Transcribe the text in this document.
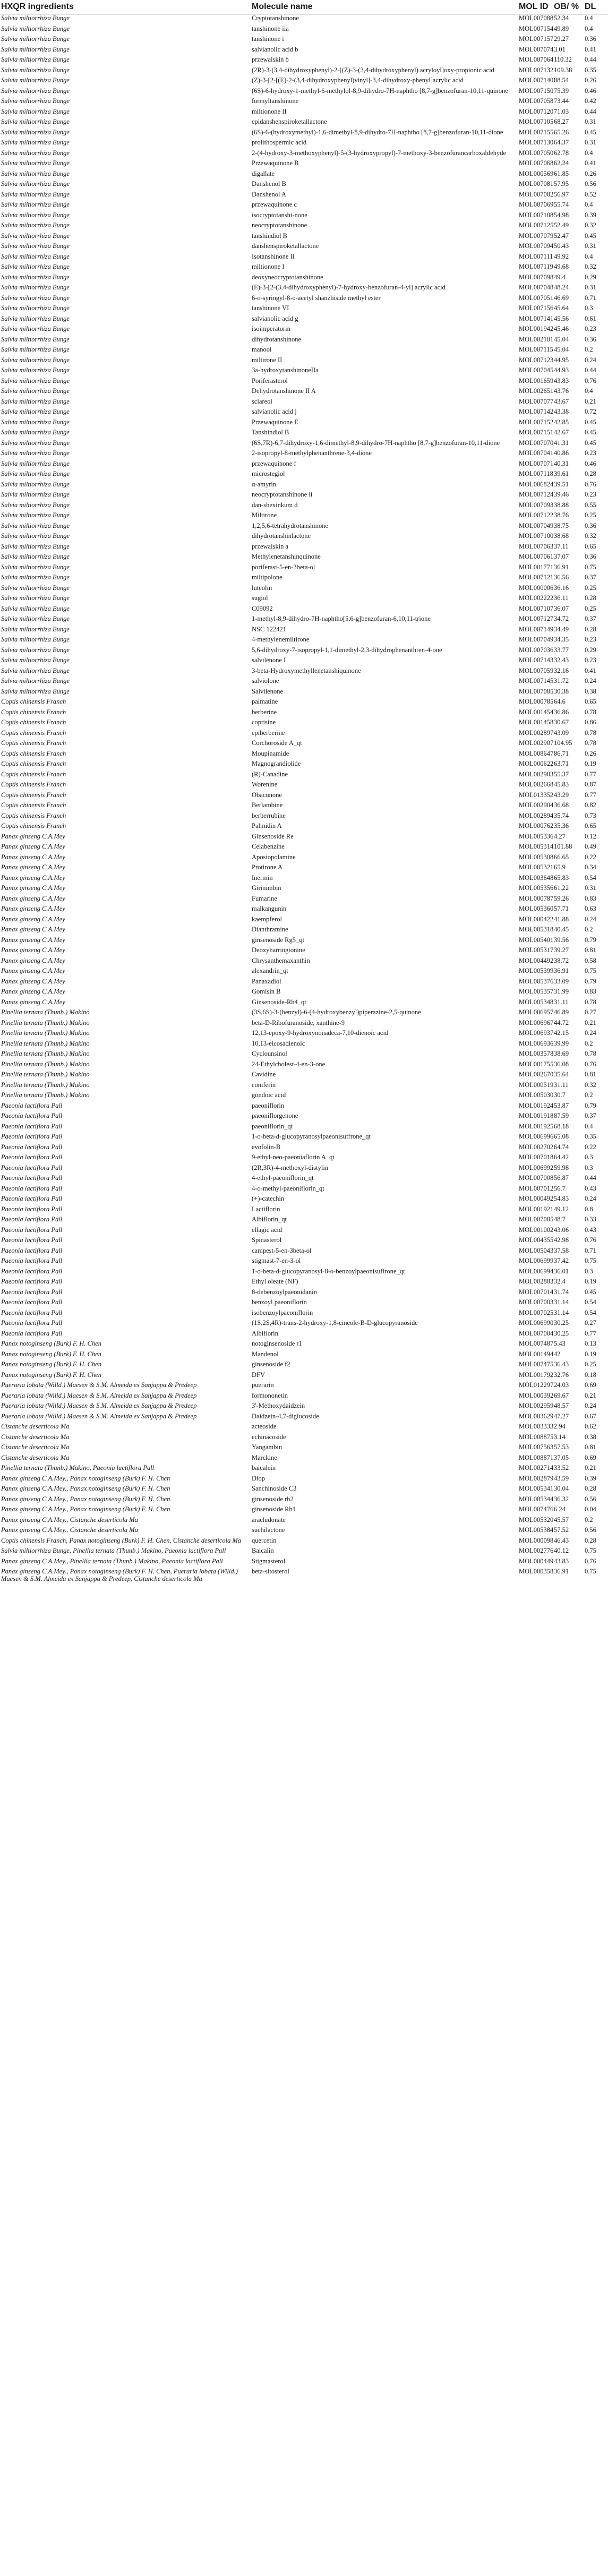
HXQR ingredients	Molecule name	MOL ID	OB/ %	DL
Salvia miltiorrhiza Bunge	Cryptotanshinone	MOL007088	52.34	0.4
Salvia miltiorrhiza Bunge	tanshinone iia	MOL007154	49.89	0.4
Salvia miltiorrhiza Bunge	tanshinone i	MOL007157	29.27	0.36
Salvia miltiorrhiza Bunge	salvianolic acid b	MOL007074	3.01	0.41
Salvia miltiorrhiza Bunge	przewalskin b	MOL007064	110.32	0.44
Salvia miltiorrhiza Bunge	(2R)-3-(3,4-dihydroxyphenyl)-2-[(Z)-3-(3,4-dihydroxyphenyl) acryloyl]oxy-propionic acid	MOL007132	109.38	0.35
Salvia miltiorrhiza Bunge	(Z)-3-[2-[(E)-2-(3,4-dihydroxyphenyl)vinyl]-3,4-dihydroxy-phenyl]acrylic acid	MOL007140	88.54	0.26
Salvia miltiorrhiza Bunge	(6S)-6-hydroxy-1-methyl-6-methylol-8,9-dihydro-7H-naphtho [8,7-g]benzofuran-10,11-quinone	MOL007150	75.39	0.46
Salvia miltiorrhiza Bunge	formyltanshinone	MOL007058	73.44	0.42
Salvia miltiorrhiza Bunge	miltionone II	MOL007120	71.03	0.44
Salvia miltiorrhiza Bunge	epidanshenspiroketallactone	MOL007105	68.27	0.31
Salvia miltiorrhiza Bunge	(6S)-6-(hydroxymethyl)-1,6-dimethyl-8,9-dihydro-7H-naphtho [8,7-g]benzofuran-10,11-dione	MOL007155	65.26	0.45
Salvia miltiorrhiza Bunge	prolithospermic acid	MOL007130	64.37	0.31
Salvia miltiorrhiza Bunge	2-(4-hydroxy-3-methoxyphenyl)-5-(3-hydroxypropyl)-7-methoxy-3-benzofurancarboxaldehyde	MOL007050	62.78	0.4
Salvia miltiorrhiza Bunge	Przewaquinone B	MOL007068	62.24	0.41
Salvia miltiorrhiza Bunge	digallate	MOL000569	61.85	0.26
Salvia miltiorrhiza Bunge	Danshenol B	MOL007081	57.95	0.56
Salvia miltiorrhiza Bunge	Danshenol A	MOL007082	56.97	0.52
Salvia miltiorrhiza Bunge	przewaquinone c	MOL007069	55.74	0.4
Salvia miltiorrhiza Bunge	isocryptotanshi-none	MOL007108	54.98	0.39
Salvia miltiorrhiza Bunge	neocryptotanshinone	MOL007125	52.49	0.32
Salvia miltiorrhiza Bunge	tanshindiol B	MOL007079	52.47	0.45
Salvia miltiorrhiza Bunge	danshenspiroketallactone	MOL007094	50.43	0.31
Salvia miltiorrhiza Bunge	Isotanshinone II	MOL007111	49.92	0.4
Salvia miltiorrhiza Bunge	miltionone I	MOL007119	49.68	0.32
Salvia miltiorrhiza Bunge	deoxyneocryptotanshinone	MOL007098	49.4	0.29
Salvia miltiorrhiza Bunge	(E)-3-[2-(3,4-dihydroxyphenyl)-7-hydroxy-benzofuran-4-yl] acrylic acid	MOL007048	48.24	0.31
Salvia miltiorrhiza Bunge	6-o-syringyl-8-o-acetyl shanzhiside methyl ester	MOL007051	46.69	0.71
Salvia miltiorrhiza Bunge	tanshinone VI	MOL007156	45.64	0.3
Salvia miltiorrhiza Bunge	salvianolic acid g	MOL007141	45.56	0.61
Salvia miltiorrhiza Bunge	isoimperatorin	MOL001942	45.46	0.23
Salvia miltiorrhiza Bunge	dihydrotanshinone	MOL002101	45.04	0.36
Salvia miltiorrhiza Bunge	manool	MOL007115	45.04	0.2
Salvia miltiorrhiza Bunge	miltirone II	MOL007123	44.95	0.24
Salvia miltiorrhiza Bunge	3a-hydroxytanshinoneIIa	MOL007045	44.93	0.44
Salvia miltiorrhiza Bunge	Poriferasterol	MOL001659	43.83	0.76
Salvia miltiorrhiza Bunge	Dehydrotanshinone II A	MOL002651	43.76	0.4
Salvia miltiorrhiza Bunge	sclareol	MOL007077	43.67	0.21
Salvia miltiorrhiza Bunge	salvianolic acid j	MOL007142	43.38	0.72
Salvia miltiorrhiza Bunge	Przewaquinone E	MOL007152	42.85	0.45
Salvia miltiorrhiza Bunge	Tanshindiol B	MOL007151	42.67	0.45
Salvia miltiorrhiza Bunge	(6S,7R)-6,7-dihydroxy-1,6-dimethyl-8,9-dihydro-7H-naphtho [8,7-g]benzofuran-10,11-dione	MOL007070	41.31	0.45
Salvia miltiorrhiza Bunge	2-isopropyl-8-methylphenanthrene-3,4-dione	MOL007041	40.86	0.23
Salvia miltiorrhiza Bunge	przewaquinone f	MOL007071	40.31	0.46
Salvia miltiorrhiza Bunge	microstegiol	MOL007118	39.61	0.28
Salvia miltiorrhiza Bunge	α-amyrin	MOL006824	39.51	0.76
Salvia miltiorrhiza Bunge	neocryptotanshinone ii	MOL007124	39.46	0.23
Salvia miltiorrhiza Bunge	dan-shexinkum d	MOL007093	38.88	0.55
Salvia miltiorrhiza Bunge	Miltirone	MOL007122	38.76	0.25
Salvia miltiorrhiza Bunge	1,2,5,6-tetrahydrotanshinone	MOL007049	38.75	0.36
Salvia miltiorrhiza Bunge	dihydrotanshinlactone	MOL007100	38.68	0.32
Salvia miltiorrhiza Bunge	przewalskin a	MOL007063	37.11	0.65
Salvia miltiorrhiza Bunge	Methylenetanshinquinone	MOL007061	37.07	0.36
Salvia miltiorrhiza Bunge	poriferast-5-en-3beta-ol	MOL001771	36.91	0.75
Salvia miltiorrhiza Bunge	miltipolone	MOL007121	36.56	0.37
Salvia miltiorrhiza Bunge	luteolin	MOL000006	36.16	0.25
Salvia miltiorrhiza Bunge	sugiol	MOL002222	36.11	0.28
Salvia miltiorrhiza Bunge	C09092	MOL007107	36.07	0.25
Salvia miltiorrhiza Bunge	1-methyl-8,9-dihydro-7H-naphtho[5,6-g]benzofuran-6,10,11-trione	MOL007127	34.72	0.37
Salvia miltiorrhiza Bunge	NSC 122421	MOL007149	34.49	0.28
Salvia miltiorrhiza Bunge	4-methylenemiltirone	MOL007049	34.35	0.23
Salvia miltiorrhiza Bunge	5,6-dihydroxy-7-isopropyl-1,1-dimethyl-2,3-dihydrophenanthren-4-one	MOL007036	33.77	0.29
Salvia miltiorrhiza Bunge	salvilenone I	MOL007143	32.43	0.23
Salvia miltiorrhiza Bunge	3-beta-Hydroxymethyllenetanshiquinone	MOL007059	32.16	0.41
Salvia miltiorrhiza Bunge	salviolone	MOL007145	31.72	0.24
Salvia miltiorrhiza Bunge	Salvilenone	MOL007085	30.38	0.38
Coptis chinensis Franch	palmatine	MOL000785	64.6	0.65
Coptis chinensis Franch	berberine	MOL001454	36.86	0.78
Coptis chinensis Franch	coptisine	MOL001458	30.67	0.86
Coptis chinensis Franch	epiberberine	MOL002897	43.09	0.78
Coptis chinensis Franch	Corchoroside A_qt	MOL002907	104.95	0.78
Coptis chinensis Franch	Moupinamide	MOL008647	86.71	0.26
Coptis chinensis Franch	Magnograndiolide	MOL000622	63.71	0.19
Coptis chinensis Franch	(R)-Canadine	MOL002903	55.37	0.77
Coptis chinensis Franch	Worenine	MOL002668	45.83	0.87
Coptis chinensis Franch	Obacunone	MOL013352	43.29	0.77
Coptis chinensis Franch	Berlambine	MOL002904	36.68	0.82
Coptis chinensis Franch	berberrubine	MOL002894	35.74	0.73
Coptis chinensis Franch	Palmidin A	MOL000762	35.36	0.65
Panax ginseng C.A.Mey	Ginsenoside Re	MOL005336	4.27	0.12
Panax ginseng C.A.Mey	Celabenzine	MOL005314	101.88	0.49
Panax ginseng C.A.Mey	Aposiopolamine	MOL005308	66.65	0.22
Panax ginseng C.A.Mey	Protirone A	MOL005321	65.9	0.34
Panax ginseng C.A.Mey	Inermin	MOL003648	65.83	0.54
Panax ginseng C.A.Mey	Girinimbin	MOL005356	61.22	0.31
Panax ginseng C.A.Mey	Fumarine	MOL000787	59.26	0.83
Panax ginseng C.A.Mey	malkangunin	MOL005360	57.71	0.63
Panax ginseng C.A.Mey	kaempferol	MOL000422	41.88	0.24
Panax ginseng C.A.Mey	Dianthramine	MOL005318	40.45	0.2
Panax ginseng C.A.Mey	ginsenoside Rg5_qt	MOL005401	39.56	0.79
Panax ginseng C.A.Mey	Deoxyharringtonine	MOL005317	39.27	0.81
Panax ginseng C.A.Mey	Chrysanthemaxanthin	MOL004492	38.72	0.58
Panax ginseng C.A.Mey	alexandrin_qt	MOL005399	36.91	0.75
Panax ginseng C.A.Mey	Panaxadiol	MOL005376	33.09	0.79
Panax ginseng C.A.Mey	Gomisin B	MOL005357	31.99	0.83
Panax ginseng C.A.Mey	Ginsenoside-Rh4_qt	MOL005348	31.11	0.78
Pinellia ternata (Thunb.) Makino	(3S,6S)-3-(benzyl)-6-(4-hydroxybenzyl)piperazine-2,5-quinone	MOL006957	46.89	0.27
Pinellia ternata (Thunb.) Makino	beta-D-Ribofuranoside, xanthine-9	MOL006967	44.72	0.21
Pinellia ternata (Thunb.) Makino	12,13-epoxy-9-hydroxynonadeca-7,10-dienoic acid	MOL006937	42.15	0.24
Pinellia ternata (Thunb.) Makino	10,13-eicosadienoic	MOL006936	39.99	0.2
Pinellia ternata (Thunb.) Makino	Cyclounsinol	MOL003578	38.69	0.78
Pinellia ternata (Thunb.) Makino	24-Ethylcholest-4-en-3-one	MOL001755	36.08	0.76
Pinellia ternata (Thunb.) Makino	Cavidine	MOL002670	35.64	0.81
Pinellia ternata (Thunb.) Makino	coniferin	MOL000519	31.11	0.32
Pinellia ternata (Thunb.) Makino	gondoic acid	MOL005030	30.7	0.2
Paeonia lactiflora Pall	paeoniflorin	MOL001924	53.87	0.79
Paeonia lactiflora Pall	paeoniflorgenone	MOL001918	87.59	0.37
Paeonia lactiflora Pall	paeoniflorin_qt	MOL001925	68.18	0.4
Paeonia lactiflora Pall	1-o-beta-d-glucopyranosylpaeonisuffrone_qt	MOL006996	65.08	0.35
Paeonia lactiflora Pall	evofolin-B	MOL002702	64.74	0.22
Paeonia lactiflora Pall	9-ethyl-neo-paeoniaflorin A_qt	MOL007018	64.42	0.3
Paeonia lactiflora Pall	(2R,3R)-4-methoxyl-distylin	MOL006992	59.98	0.3
Paeonia lactiflora Pall	4-ethyl-paeoniflorin_qt	MOL007008	56.87	0.44
Paeonia lactiflora Pall	4-o-methyl-paeoniflorin_qt	MOL007012	56.7	0.43
Paeonia lactiflora Pall	(+)-catechin	MOL000492	54.83	0.24
Paeonia lactiflora Pall	Lactiflorin	MOL001921	49.12	0.8
Paeonia lactiflora Pall	Albiflorin_qt	MOL007005	48.7	0.33
Paeonia lactiflora Pall	ellagic acid	MOL001002	43.06	0.43
Paeonia lactiflora Pall	Spinasterol	MOL004355	42.98	0.76
Paeonia lactiflora Pall	campest-5-en-3beta-ol	MOL005043	37.58	0.71
Paeonia lactiflora Pall	stigmast-7-en-3-ol	MOL006999	37.42	0.75
Paeonia lactiflora Pall	1-o-beta-d-glucopyranosyl-8-o-benzoylpaeonisuffrone_qt	MOL006994	36.01	0.3
Paeonia lactiflora Pall	Ethyl oleate (NF)	MOL002883	32.4	0.19
Paeonia lactiflora Pall	8-debenzoylpaeonidanin	MOL007014	31.74	0.45
Paeonia lactiflora Pall	benzoyl paeoniflorin	MOL007003	31.14	0.54
Paeonia lactiflora Pall	isobenzoylpaeoniflorin	MOL007025	31.14	0.54
Paeonia lactiflora Pall	(1S,2S,4R)-trans-2-hydroxy-1,8-cineole-B-D-glucopyranoside	MOL006990	30.25	0.27
Paeonia lactiflora Pall	Albiflorin	MOL007004	30.25	0.77
Panax notoginseng (Burk) F. H. Chen	notoginsenoside r1	MOL007487	5.43	0.13
Panax notoginseng (Burk) F. H. Chen	Mandenol	MOL001494	42	0.19
Panax notoginseng (Burk) F. H. Chen	ginsenoside f2	MOL007475	36.43	0.25
Panax notoginseng (Burk) F. H. Chen	DFV	MOL001792	32.76	0.18
Pueraria lobata (Willd.) Maesen & S.M. Almeida ex Sanjappa & Predeep	puerarin	MOL012297	24.03	0.69
Pueraria lobata (Willd.) Maesen & S.M. Almeida ex Sanjappa & Predeep	formononetin	MOL000392	69.67	0.21
Pueraria lobata (Willd.) Maesen & S.M. Almeida ex Sanjappa & Predeep	3'-Methoxydaidzein	MOL002959	48.57	0.24
Pueraria lobata (Willd.) Maesen & S.M. Almeida ex Sanjappa & Predeep	Daidzein-4,7-diglucoside	MOL003629	47.27	0.67
Cistanche deserticola Ma	acteoside	MOL003333	2.94	0.62
Cistanche deserticola Ma	echinacoside	MOL008875	3.14	0.38
Cistanche deserticola Ma	Yangambin	MOL007563	57.53	0.81
Cistanche deserticola Ma	Marckine	MOL008871	37.05	0.69
Pinellia ternata (Thunb.) Makino, Paeonia lactiflora Pall	baicalein	MOL002714	33.52	0.21
Panax ginseng C.A.Mey., Panax notoginseng (Burk) F. H. Chen	Diop	MOL002879	43.59	0.39
Panax ginseng C.A.Mey., Panax notoginseng (Burk) F. H. Chen	Sanchinoside C3	MOL005341	30.04	0.28
Panax ginseng C.A.Mey., Panax notoginseng (Burk) F. H. Chen	ginsenoside rh2	MOL005344	36.32	0.56
Panax ginseng C.A.Mey., Panax notoginseng (Burk) F. H. Chen	ginsenoside Rb1	MOL007476	6.24	0.04
Panax ginseng C.A.Mey., Cistanche deserticola Ma	arachidonate	MOL005320	45.57	0.2
Panax ginseng C.A.Mey., Cistanche deserticola Ma	suchilactone	MOL005384	57.52	0.56
Coptis chinensis Franch, Panax notoginseng (Burk) F. H. Chen, Cistanche deserticola Ma	quercetin	MOL000098	46.43	0.28
Salvia miltiorrhiza Bunge, Pinellia ternata (Thunb.) Makino, Paeonia lactiflora Pall	Baicalin	MOL002776	40.12	0.75
Panax ginseng C.A.Mey., Pinellia ternata (Thunb.) Makino, Paeonia lactiflora Pall	Stigmasterol	MOL000449	43.83	0.76
Panax ginseng C.A.Mey., Panax notoginseng (Burk) F. H. Chen, Pueraria lobata (Willd.) Maesen & S.M. Almeida ex Sanjappa & Predeep, Cistanche deserticola Ma	beta-sitosterol	MOL000358	36.91	0.75
